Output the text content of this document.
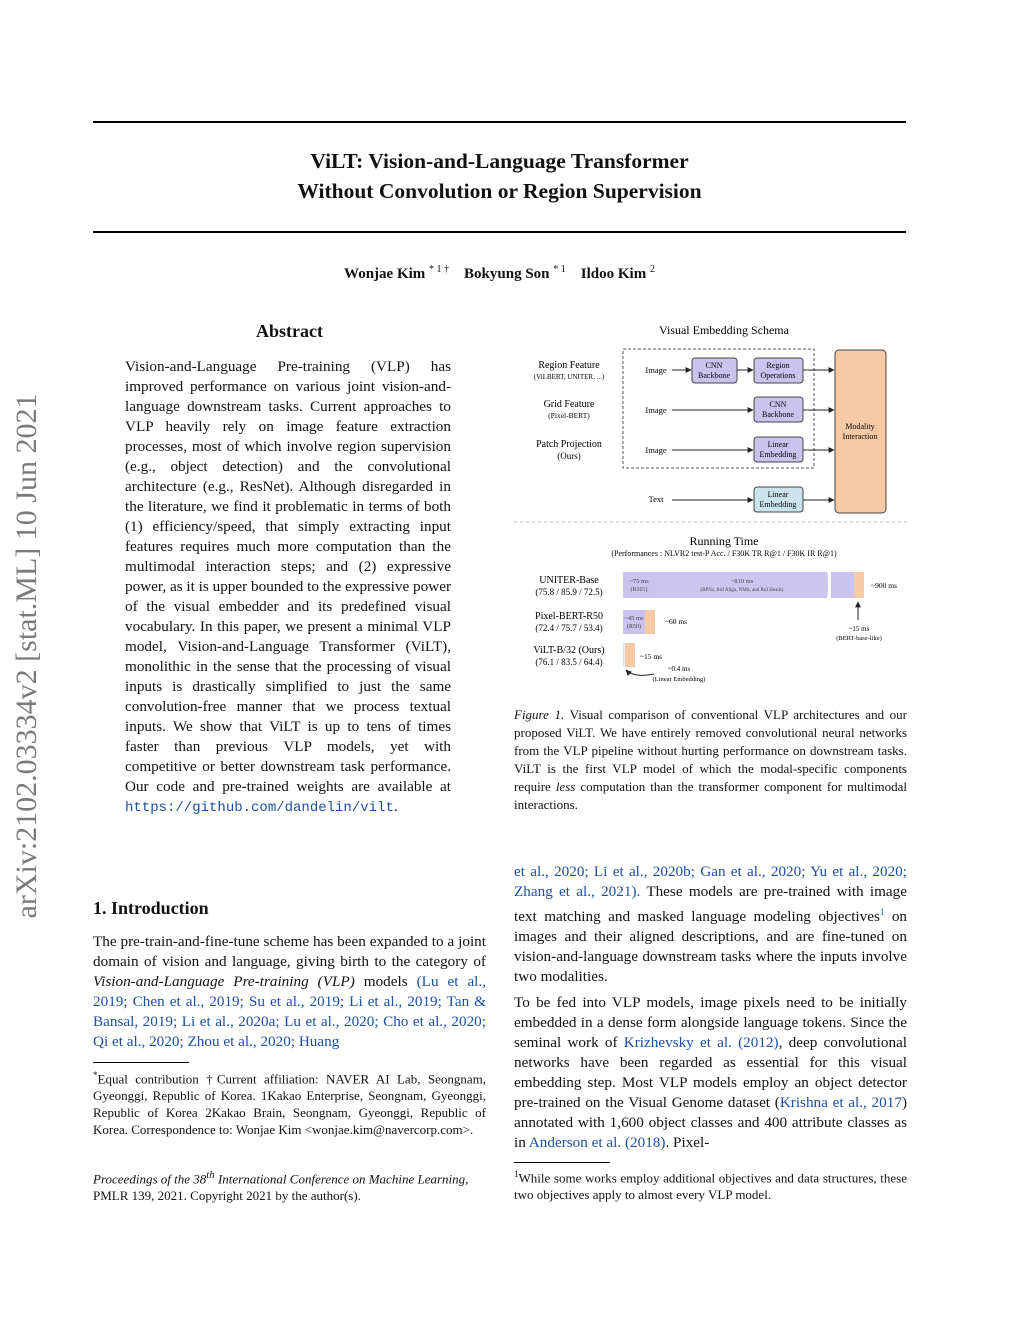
ViLT: Vision-and-Language Transformer
Without Convolution or Region Supervision
Wonjae Kim $^{* 1 \dagger}$ Bokyung Son $^{* 1}$ Ildoo Kim $^2$
arXiv:2102.03334v2 [stat.ML] 10 Jun 2021
Abstract
Vision-and-Language Pre-training (VLP) has improved performance on various joint vision-and-language downstream tasks. Current approaches to VLP heavily rely on image feature extraction processes, most of which involve region supervision (e.g., object detection) and the convolutional architecture (e.g., ResNet). Although disregarded in the literature, we find it problematic in terms of both (1) efficiency/speed, that simply extracting input features requires much more computation than the multimodal interaction steps; and (2) expressive power, as it is upper bounded to the expressive power of the visual embedder and its predefined visual vocabulary. In this paper, we present a minimal VLP model, Vision-and-Language Transformer (ViLT), monolithic in the sense that the processing of visual inputs is drastically simplified to just the same convolution-free manner that we process textual inputs. We show that ViLT is up to tens of times faster than previous VLP models, yet with competitive or better downstream task performance. Our code and pre-trained weights are available at https://github.com/dandelin/vilt.
1. Introduction
The pre-train-and-fine-tune scheme has been expanded to a joint domain of vision and language, giving birth to the category of Vision-and-Language Pre-training (VLP) models (Lu et al., 2019; Chen et al., 2019; Su et al., 2019; Li et al., 2019; Tan & Bansal, 2019; Li et al., 2020a; Lu et al., 2020; Cho et al., 2020; Qi et al., 2020; Zhou et al., 2020; Huang
*Equal contribution †Current affiliation: NAVER AI Lab, Seongnam, Gyeonggi, Republic of Korea. 1Kakao Enterprise, Seongnam, Gyeonggi, Republic of Korea 2Kakao Brain, Seongnam, Gyeonggi, Republic of Korea. Correspondence to: Wonjae Kim <wonjae.kim@navercorp.com>.
Proceedings of the 38th International Conference on Machine Learning, PMLR 139, 2021. Copyright 2021 by the author(s).
Visual Embedding Schema
Region Feature
(ViLBERT, UNITER, ...)
Grid Feature
(Pixel-BERT)
Patch Projection
(Ours)
Image
Image
Image
Text
CNN
Backbone
Region
Operations
CNN
Backbone
Linear
Embedding
Linear
Embedding
Modality
Interaction
Running Time
(Performances : NLVR2 test-P Acc. / F30K TR R@1 / F30K IR R@1)
UNITER-Base
(75.8 / 85.9 / 72.5)
Pixel-BERT-R50
(72.4 / 75.7 / 53.4)
ViLT-B/32 (Ours)
(76.1 / 83.5 / 64.4)
~75 ms
(R101)
~810 ms
(RPNs, RoI Align, NMS, and RoI Heads)
~900 ms
~15 ms
(BERT-base-like)
~45 ms
(R50)
~60 ms
~15 ms
~0.4 ms
(Linear Embedding)
Figure 1. Visual comparison of conventional VLP architectures and our proposed ViLT. We have entirely removed convolutional neural networks from the VLP pipeline without hurting performance on downstream tasks. ViLT is the first VLP model of which the modal-specific components require less computation than the transformer component for multimodal interactions.
et al., 2020; Li et al., 2020b; Gan et al., 2020; Yu et al., 2020; Zhang et al., 2021). These models are pre-trained with image text matching and masked language modeling objectives$^1$ on images and their aligned descriptions, and are fine-tuned on vision-and-language downstream tasks where the inputs involve two modalities.
To be fed into VLP models, image pixels need to be initially embedded in a dense form alongside language tokens. Since the seminal work of Krizhevsky et al. (2012), deep convolutional networks have been regarded as essential for this visual embedding step. Most VLP models employ an object detector pre-trained on the Visual Genome dataset (Krishna et al., 2017) annotated with 1,600 object classes and 400 attribute classes as in Anderson et al. (2018). Pixel-
$^1$While some works employ additional objectives and data structures, these two objectives apply to almost every VLP model.
